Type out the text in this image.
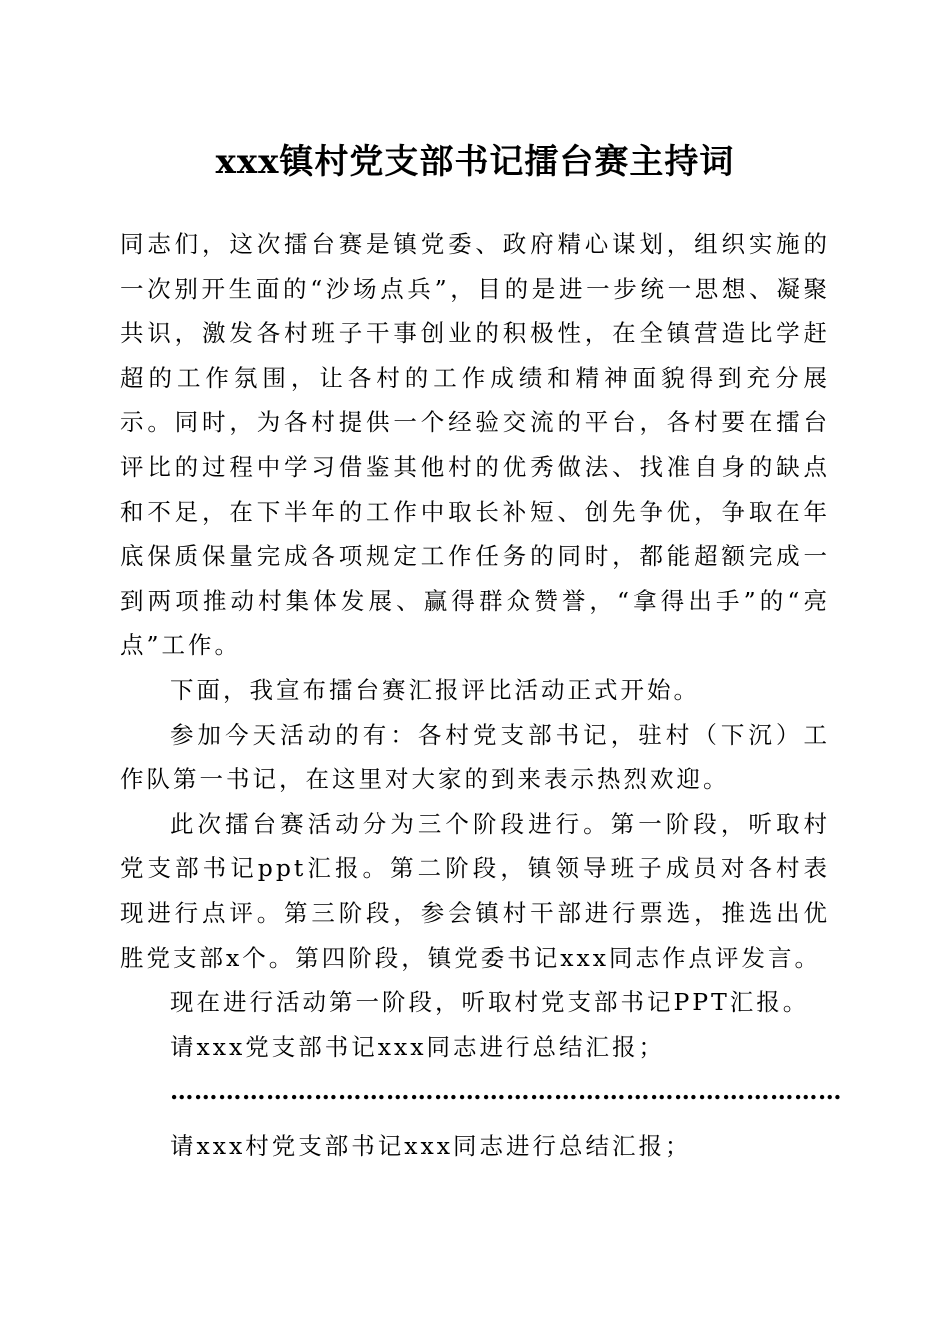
xxx镇村党支部书记擂台赛主持词

同志们，这次擂台赛是镇党委、政府精心谋划，组织实施的一次别开生面的“沙场点兵”，目的是进一步统一思想、凝聚共识，激发各村班子干事创业的积极性，在全镇营造比学赶超的工作氛围，让各村的工作成绩和精神面貌得到充分展示。同时，为各村提供一个经验交流的平台，各村要在擂台评比的过程中学习借鉴其他村的优秀做法、找准自身的缺点和不足，在下半年的工作中取长补短、创先争优，争取在年底保质保量完成各项规定工作任务的同时，都能超额完成一到两项推动村集体发展、赢得群众赞誉，“拿得出手”的“亮点”工作。

下面，我宣布擂台赛汇报评比活动正式开始。

参加今天活动的有：各村党支部书记，驻村（下沉）工作队第一书记，在这里对大家的到来表示热烈欢迎。

此次擂台赛活动分为三个阶段进行。第一阶段，听取村党支部书记ppt汇报。第二阶段，镇领导班子成员对各村表现进行点评。第三阶段，参会镇村干部进行票选，推选出优胜党支部x个。第四阶段，镇党委书记xxx同志作点评发言。

现在进行活动第一阶段，听取村党支部书记PPT汇报。

请xxx党支部书记xxx同志进行总结汇报；

…………………………………………………………………………

请xxx村党支部书记xxx同志进行总结汇报；
